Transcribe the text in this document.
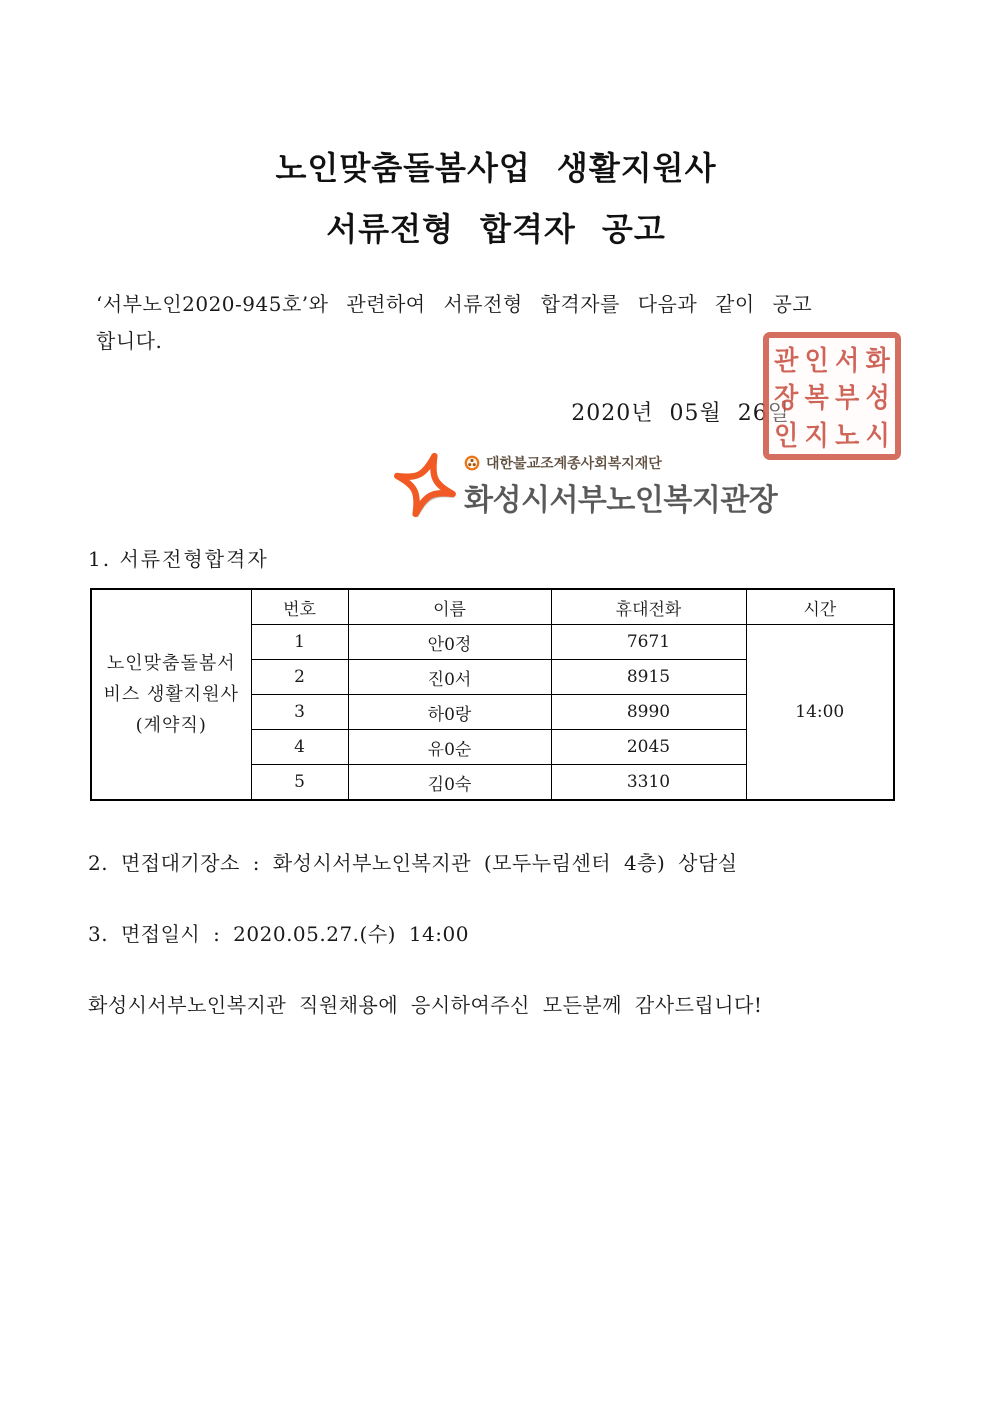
노인맞춤돌봄사업 생활지원사
서류전형 합격자 공고
‘서부노인2020-945호’와 관련하여 서류전형 합격자를 다음과 같이 공고
합니다.
2020년 05월 26일
관 인 서 화
장 복 부 성
인 지 노 시
대한불교조계종사회복지재단
화성시서부노인복지관장
1. 서류전형합격자
노인맞춤돌봄서
비스 생활지원사
(계약직)	번호	이름	휴대전화	시간
	1	안0정	7671	14:00
	2	진0서	8915	
	3	하0랑	8990	
	4	유0순	2045	
	5	김0숙	3310	
2. 면접대기장소 : 화성시서부노인복지관 (모두누림센터 4층) 상담실
3. 면접일시 : 2020.05.27.(수) 14:00
화성시서부노인복지관 직원채용에 응시하여주신 모든분께 감사드립니다!
